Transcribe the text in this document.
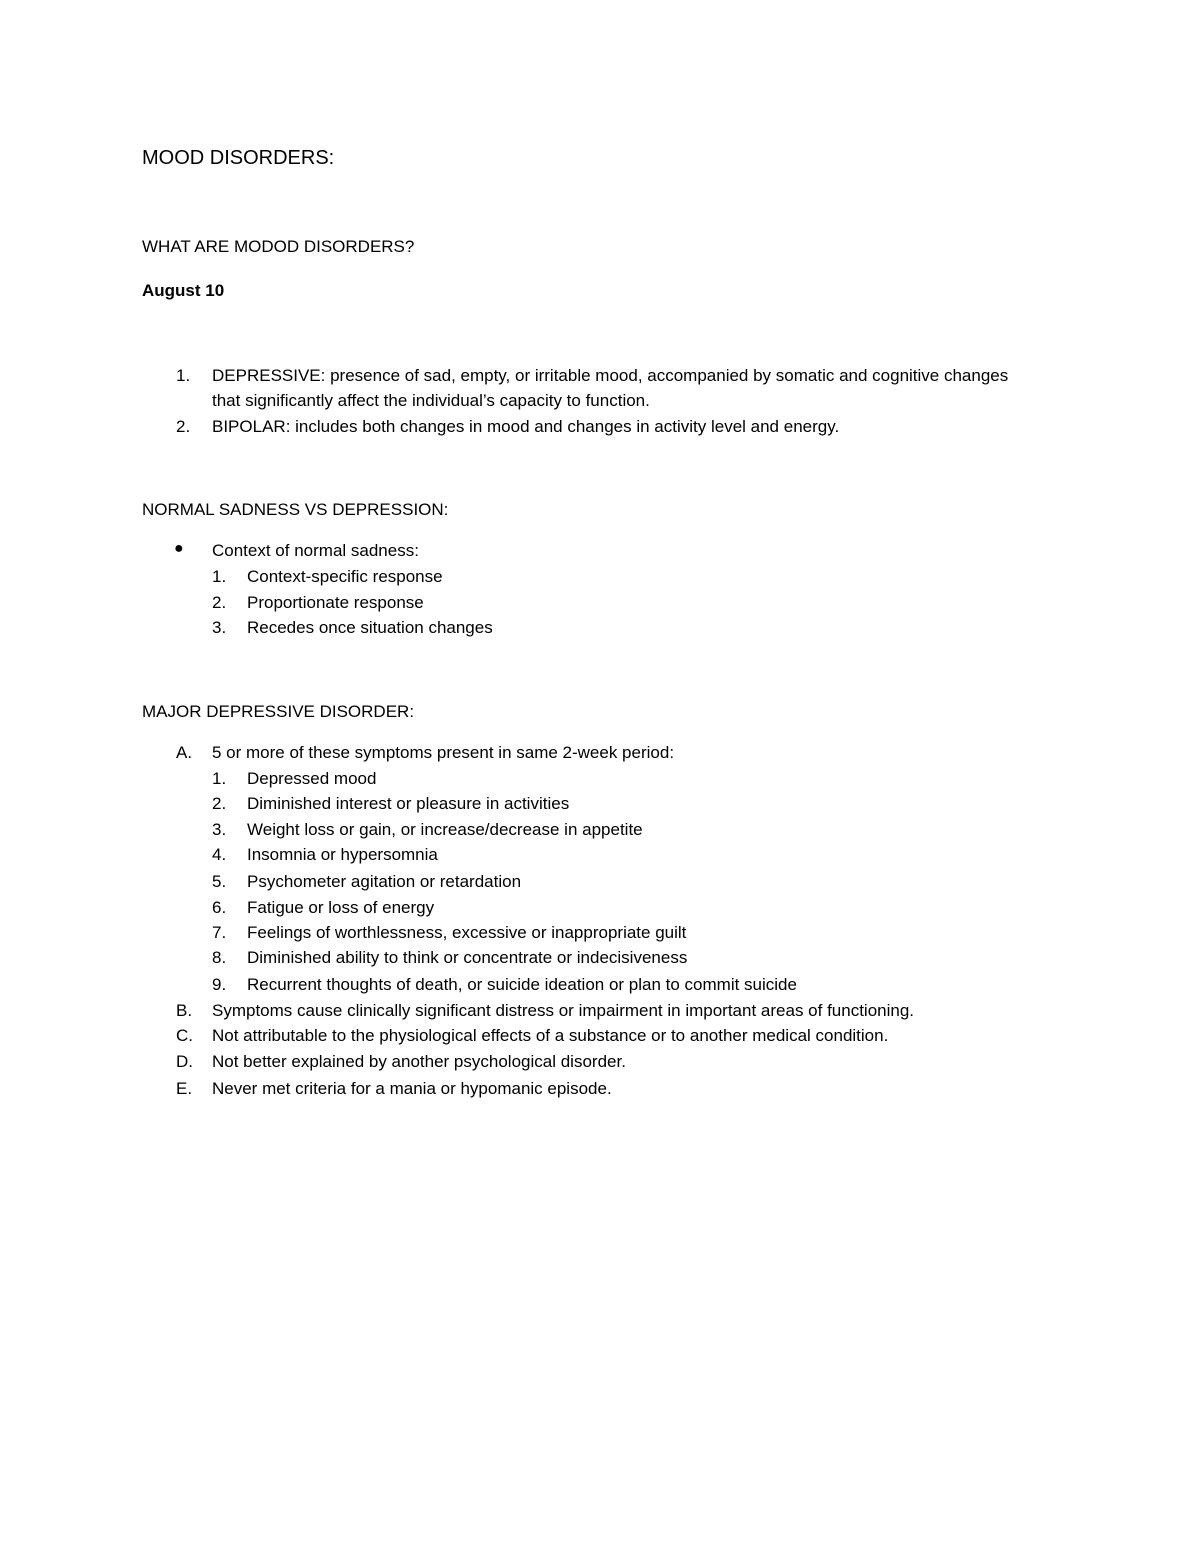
MOOD DISORDERS:
WHAT ARE MODOD DISORDERS?
August 10
1. DEPRESSIVE: presence of sad, empty, or irritable mood, accompanied by somatic and cognitive changes
that significantly affect the individual’s capacity to function.
2. BIPOLAR: includes both changes in mood and changes in activity level and energy.
NORMAL SADNESS VS DEPRESSION:
● Context of normal sadness:
1. Context-specific response
2. Proportionate response
3. Recedes once situation changes
MAJOR DEPRESSIVE DISORDER:
A. 5 or more of these symptoms present in same 2-week period:
1. Depressed mood
2. Diminished interest or pleasure in activities
3. Weight loss or gain, or increase/decrease in appetite
4. Insomnia or hypersomnia
5. Psychometer agitation or retardation
6. Fatigue or loss of energy
7. Feelings of worthlessness, excessive or inappropriate guilt
8. Diminished ability to think or concentrate or indecisiveness
9. Recurrent thoughts of death, or suicide ideation or plan to commit suicide
B. Symptoms cause clinically significant distress or impairment in important areas of functioning.
C. Not attributable to the physiological effects of a substance or to another medical condition.
D. Not better explained by another psychological disorder.
E. Never met criteria for a mania or hypomanic episode.
